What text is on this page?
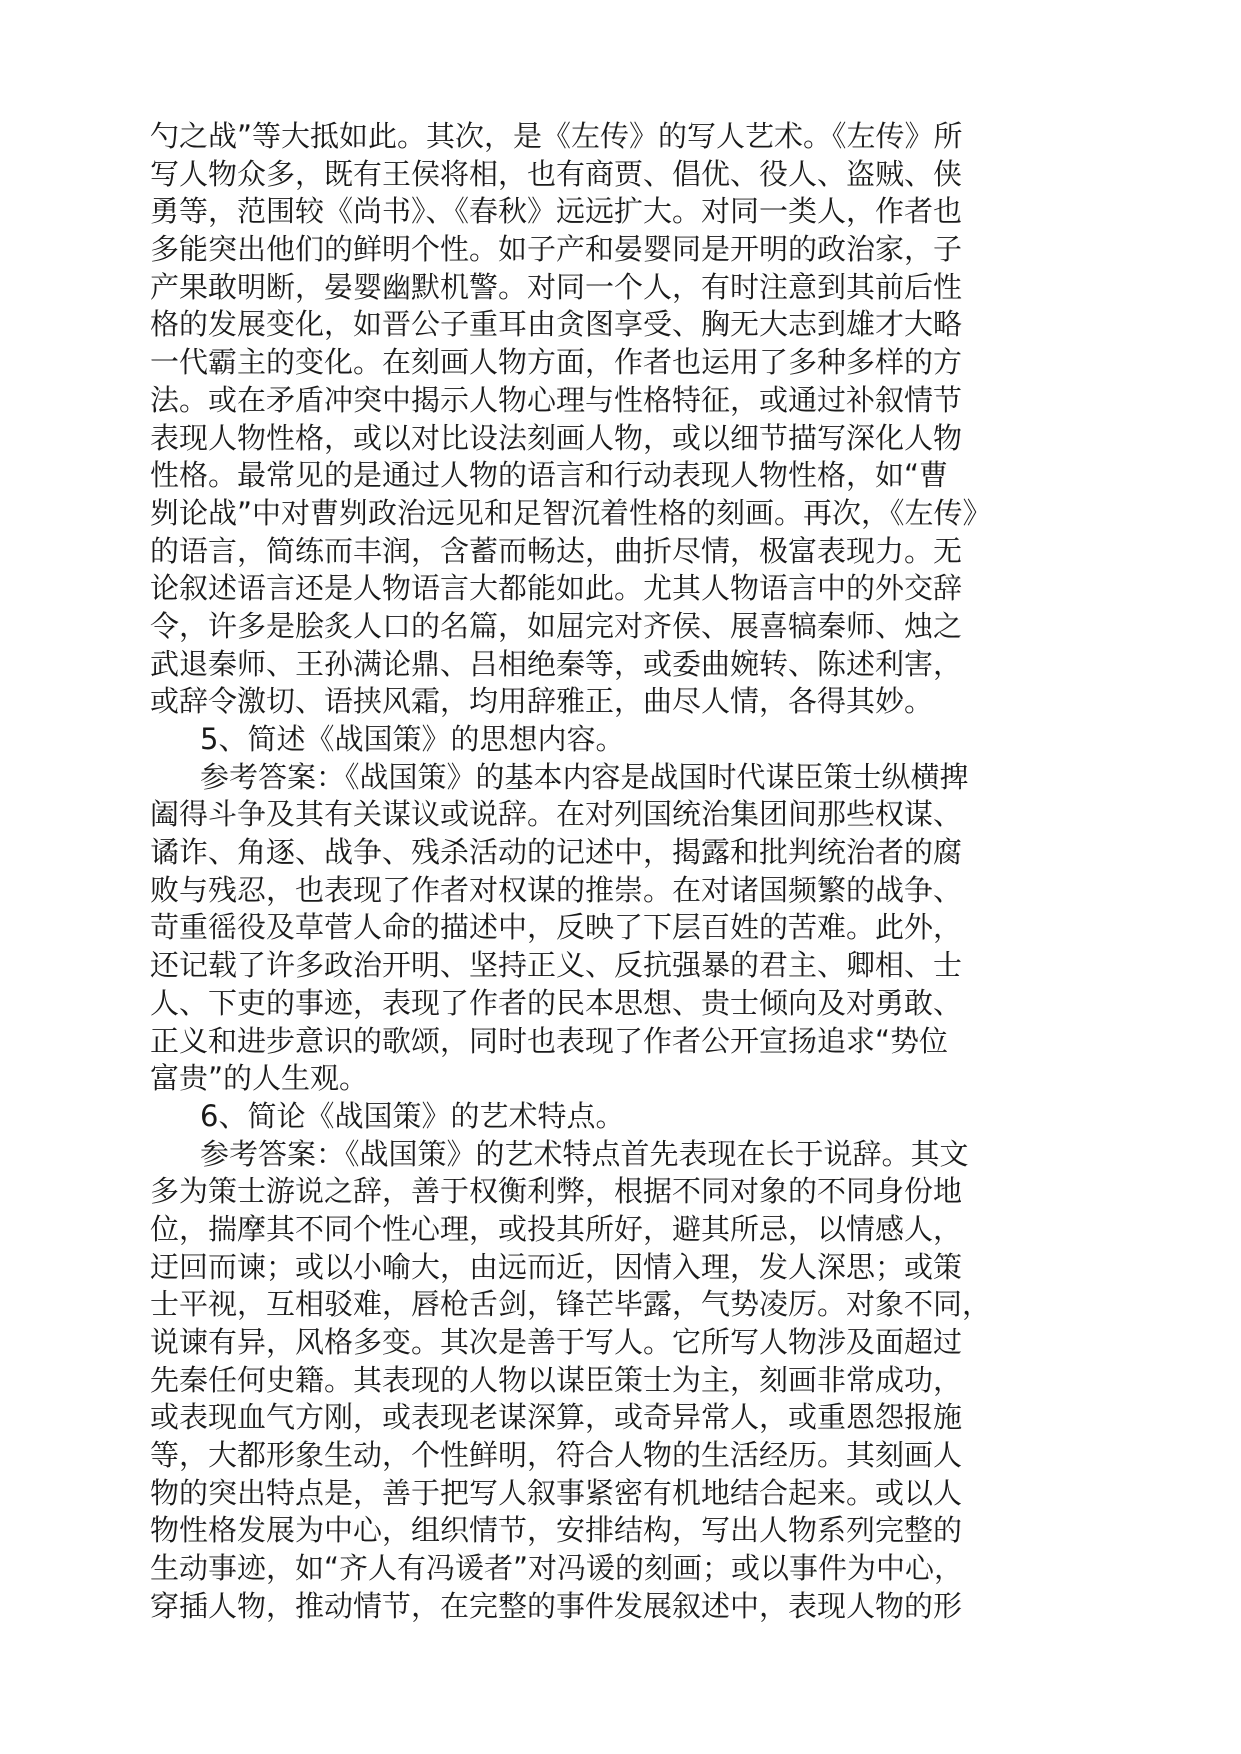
勺之战”等大抵如此。其次，是《左传》的写人艺术。《左传》所
写人物众多，既有王侯将相，也有商贾、倡优、役人、盗贼、侠
勇等，范围较《尚书》、《春秋》远远扩大。对同一类人，作者也
多能突出他们的鲜明个性。如子产和晏婴同是开明的政治家，子
产果敢明断，晏婴幽默机警。对同一个人，有时注意到其前后性
格的发展变化，如晋公子重耳由贪图享受、胸无大志到雄才大略
一代霸主的变化。在刻画人物方面，作者也运用了多种多样的方
法。或在矛盾冲突中揭示人物心理与性格特征，或通过补叙情节
表现人物性格，或以对比设法刻画人物，或以细节描写深化人物
性格。最常见的是通过人物的语言和行动表现人物性格，如“曹
刿论战”中对曹刿政治远见和足智沉着性格的刻画。再次，《左传》
的语言，简练而丰润，含蓄而畅达，曲折尽情，极富表现力。无
论叙述语言还是人物语言大都能如此。尤其人物语言中的外交辞
令，许多是脍炙人口的名篇，如屈完对齐侯、展喜犒秦师、烛之
武退秦师、王孙满论鼎、吕相绝秦等，或委曲婉转、陈述利害，
或辞令激切、语挟风霜，均用辞雅正，曲尽人情，各得其妙。
5、简述《战国策》的思想内容。
参考答案：《战国策》的基本内容是战国时代谋臣策士纵横捭
阖得斗争及其有关谋议或说辞。在对列国统治集团间那些权谋、
谲诈、角逐、战争、残杀活动的记述中，揭露和批判统治者的腐
败与残忍，也表现了作者对权谋的推崇。在对诸国频繁的战争、
苛重徭役及草菅人命的描述中，反映了下层百姓的苦难。此外，
还记载了许多政治开明、坚持正义、反抗强暴的君主、卿相、士
人、下吏的事迹，表现了作者的民本思想、贵士倾向及对勇敢、
正义和进步意识的歌颂，同时也表现了作者公开宣扬追求“势位
富贵”的人生观。
6、简论《战国策》的艺术特点。
参考答案：《战国策》的艺术特点首先表现在长于说辞。其文
多为策士游说之辞，善于权衡利弊，根据不同对象的不同身份地
位，揣摩其不同个性心理，或投其所好，避其所忌，以情感人，
迂回而谏；或以小喻大，由远而近，因情入理，发人深思；或策
士平视，互相驳难，唇枪舌剑，锋芒毕露，气势凌厉。对象不同，
说谏有异，风格多变。其次是善于写人。它所写人物涉及面超过
先秦任何史籍。其表现的人物以谋臣策士为主，刻画非常成功，
或表现血气方刚，或表现老谋深算，或奇异常人，或重恩怨报施
等，大都形象生动，个性鲜明，符合人物的生活经历。其刻画人
物的突出特点是，善于把写人叙事紧密有机地结合起来。或以人
物性格发展为中心，组织情节，安排结构，写出人物系列完整的
生动事迹，如“齐人有冯谖者”对冯谖的刻画；或以事件为中心，
穿插人物，推动情节，在完整的事件发展叙述中，表现人物的形
